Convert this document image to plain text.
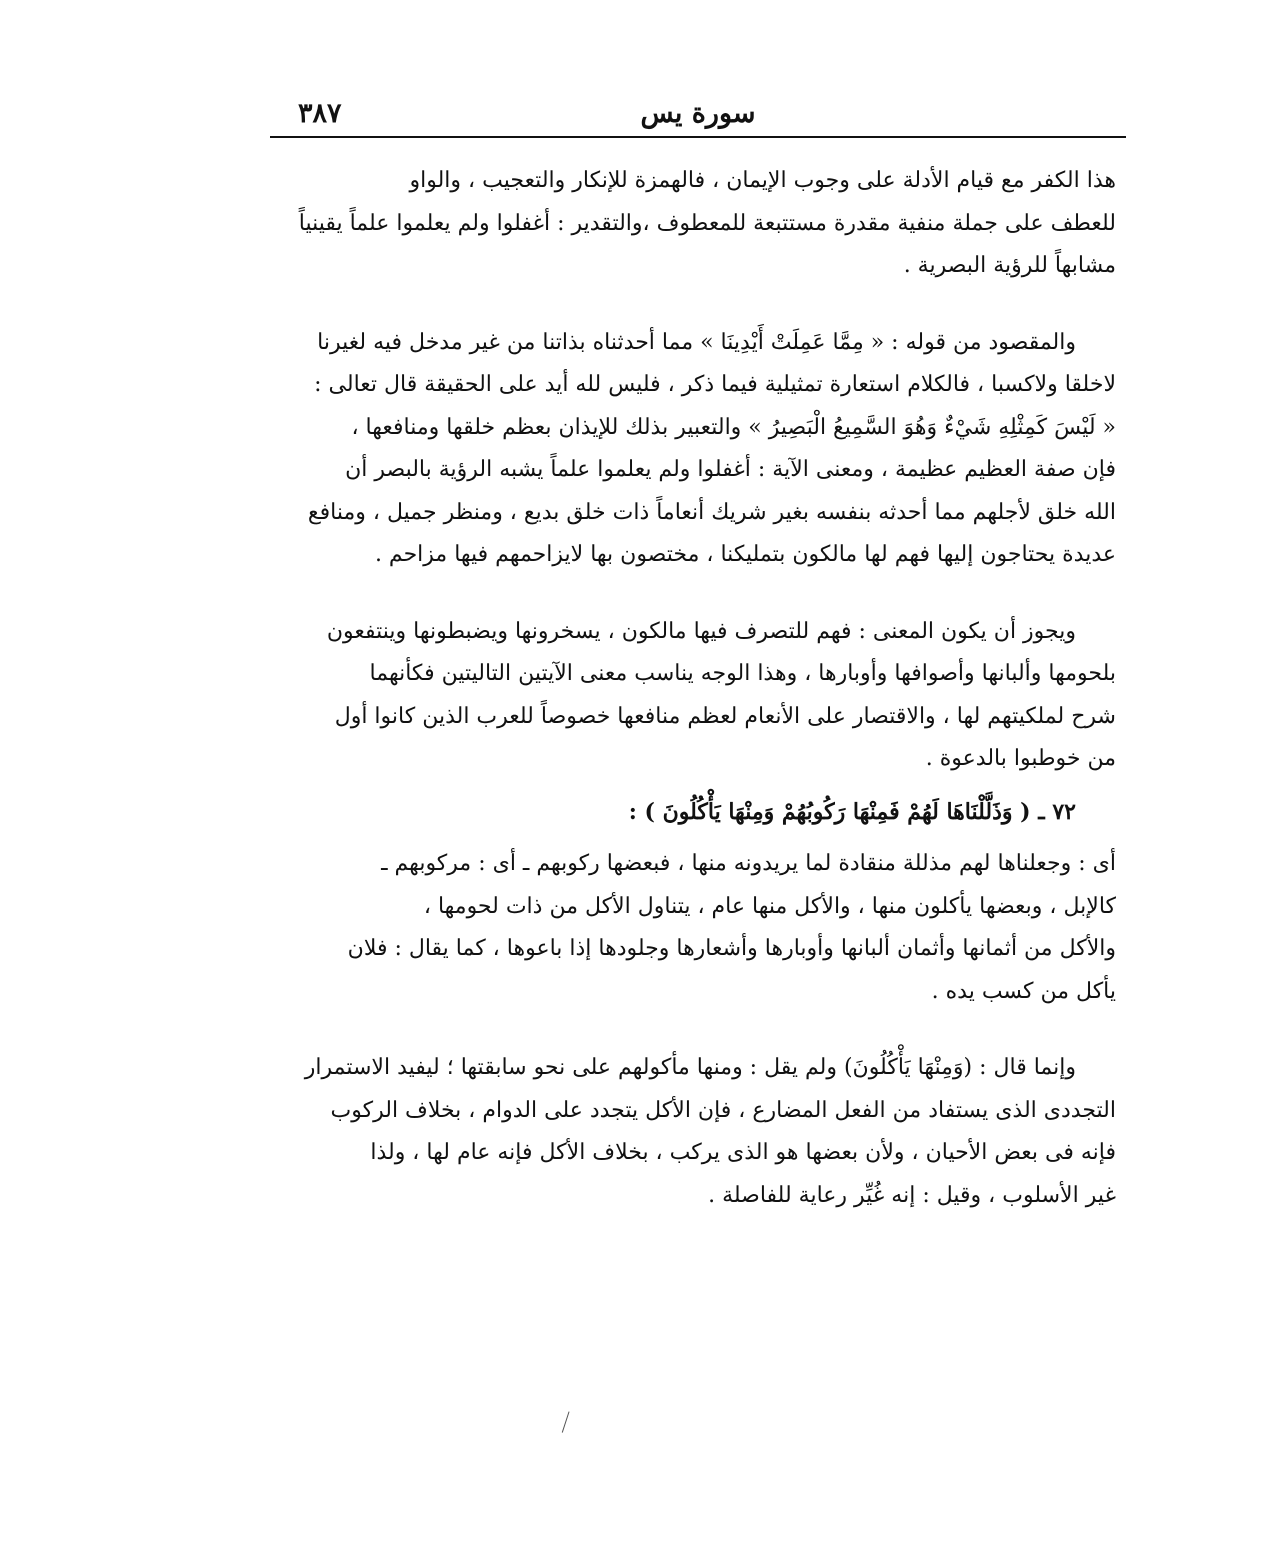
سورة يس
٣٨٧

هذا الكفر مع قيام الأدلة على وجوب الإيمان ، فالهمزة للإنكار والتعجيب ، والواو
للعطف على جملة منفية مقدرة مستتبعة للمعطوف ،والتقدير : أغفلوا ولم يعلموا علماً يقينياً
مشابهاً للرؤية البصرية .

والمقصود من قوله : « مِمَّا عَمِلَتْ أَيْدِينَا » مما أحدثناه بذاتنا من غير مدخل فيه لغيرنا
لاخلقا ولاكسبا ، فالكلام استعارة تمثيلية فيما ذكر ، فليس لله أيد على الحقيقة قال تعالى :
« لَيْسَ كَمِثْلِهِ شَيْءٌ وَهُوَ السَّمِيعُ الْبَصِيرُ » والتعبير بذلك للإيذان بعظم خلقها ومنافعها ،
فإن صفة العظيم عظيمة ، ومعنى الآية : أغفلوا ولم يعلموا علماً يشبه الرؤية بالبصر أن
الله خلق لأجلهم مما أحدثه بنفسه بغير شريك أنعاماً ذات خلق بديع ، ومنظر جميل ، ومنافع
عديدة يحتاجون إليها فهم لها مالكون بتمليكنا ، مختصون بها لايزاحمهم فيها مزاحم .

ويجوز أن يكون المعنى : فهم للتصرف فيها مالكون ، يسخرونها ويضبطونها وينتفعون
بلحومها وألبانها وأصوافها وأوبارها ، وهذا الوجه يناسب معنى الآيتين التاليتين فكأنهما
شرح لملكيتهم لها ، والاقتصار على الأنعام لعظم منافعها خصوصاً للعرب الذين كانوا أول
من خوطبوا بالدعوة .

٧٢ ـ ( وَذَلَّلْنَاهَا لَهُمْ فَمِنْهَا رَكُوبُهُمْ وَمِنْهَا يَأْكُلُونَ ) :

أى : وجعلناها لهم مذللة منقادة لما يريدونه منها ، فبعضها ركوبهم ـ أى : مركوبهم ـ
كالإبل ، وبعضها يأكلون منها ، والأكل منها عام ، يتناول الأكل من ذات لحومها ،
والأكل من أثمانها وأثمان ألبانها وأوبارها وأشعارها وجلودها إذا باعوها ، كما يقال : فلان
يأكل من كسب يده .

وإنما قال : (وَمِنْهَا يَأْكُلُونَ) ولم يقل : ومنها مأكولهم على نحو سابقتها ؛ ليفيد الاستمرار
التجددى الذى يستفاد من الفعل المضارع ، فإن الأكل يتجدد على الدوام ، بخلاف الركوب
فإنه فى بعض الأحيان ، ولأن بعضها هو الذى يركب ، بخلاف الأكل فإنه عام لها ، ولذا
غير الأسلوب ، وقيل : إنه غُيِّر رعاية للفاصلة .
